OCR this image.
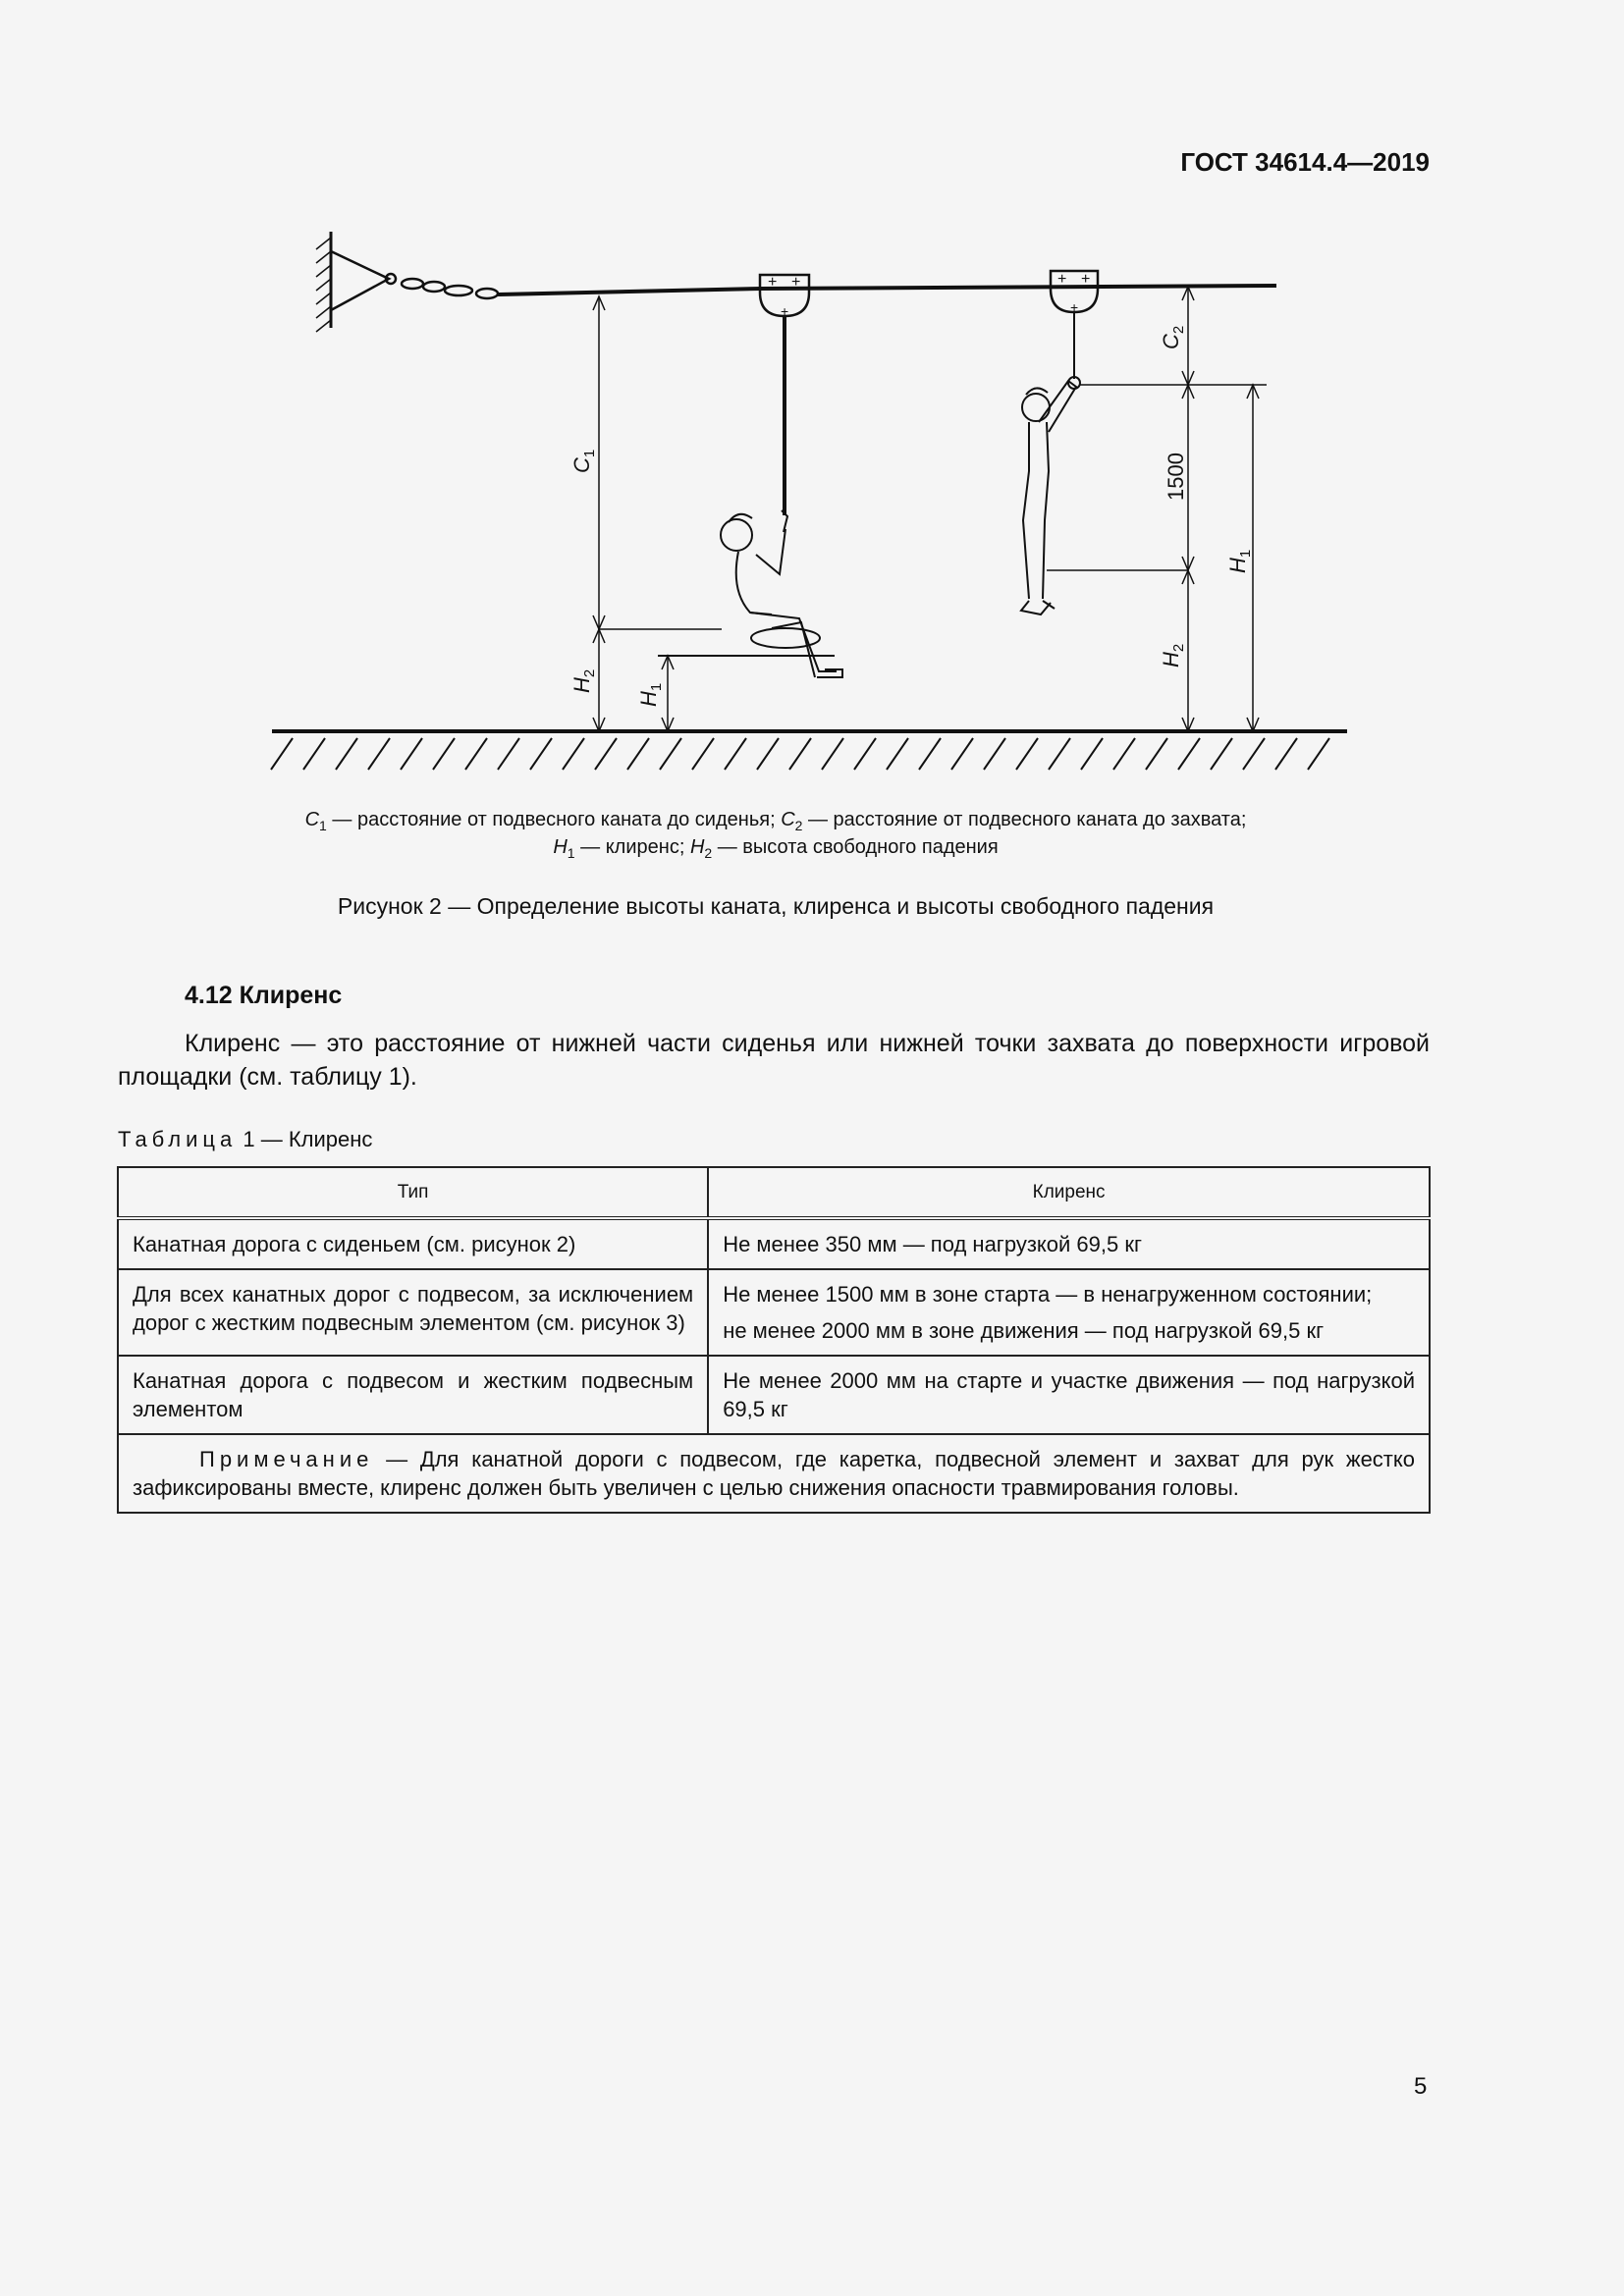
ГОСТ 34614.4—2019
+ +
+
+ +
+
$C_1$
$H_2$
$H_1$
$C_2$
1500
$H_2$
$H_1$
$C_1$ — расстояние от подвесного каната до сиденья; $C_2$ — расстояние от подвесного каната до захвата;
$H_1$ — клиренс; $H_2$ — высота свободного падения
Рисунок 2 — Определение высоты каната, клиренса и высоты свободного падения
4.12 Клиренс
Клиренс — это расстояние от нижней части сиденья или нижней точки захвата до поверхности игровой площадки (см. таблицу 1).
Таблица 1 — Клиренс
Тип	Клиренс
Канатная дорога с сиденьем (см. рисунок 2)	Не менее 350 мм — под нагрузкой 69,5 кг
Для всех канатных дорог с подвесом, за исключением дорог с жестким подвесным элементом (см. рисунок 3)	Не менее 1500 мм в зоне старта — в ненагруженном состоянии;
не менее 2000 мм в зоне движения — под нагрузкой 69,5 кг

Канатная дорога с подвесом и жестким подвесным элементом	Не менее 2000 мм на старте и участке движения — под нагрузкой 69,5 кг
Примечание — Для канатной дороги с подвесом, где каретка, подвесной элемент и захват для рук жестко зафиксированы вместе, клиренс должен быть увеличен с целью снижения опасности травмирования головы.	
5
